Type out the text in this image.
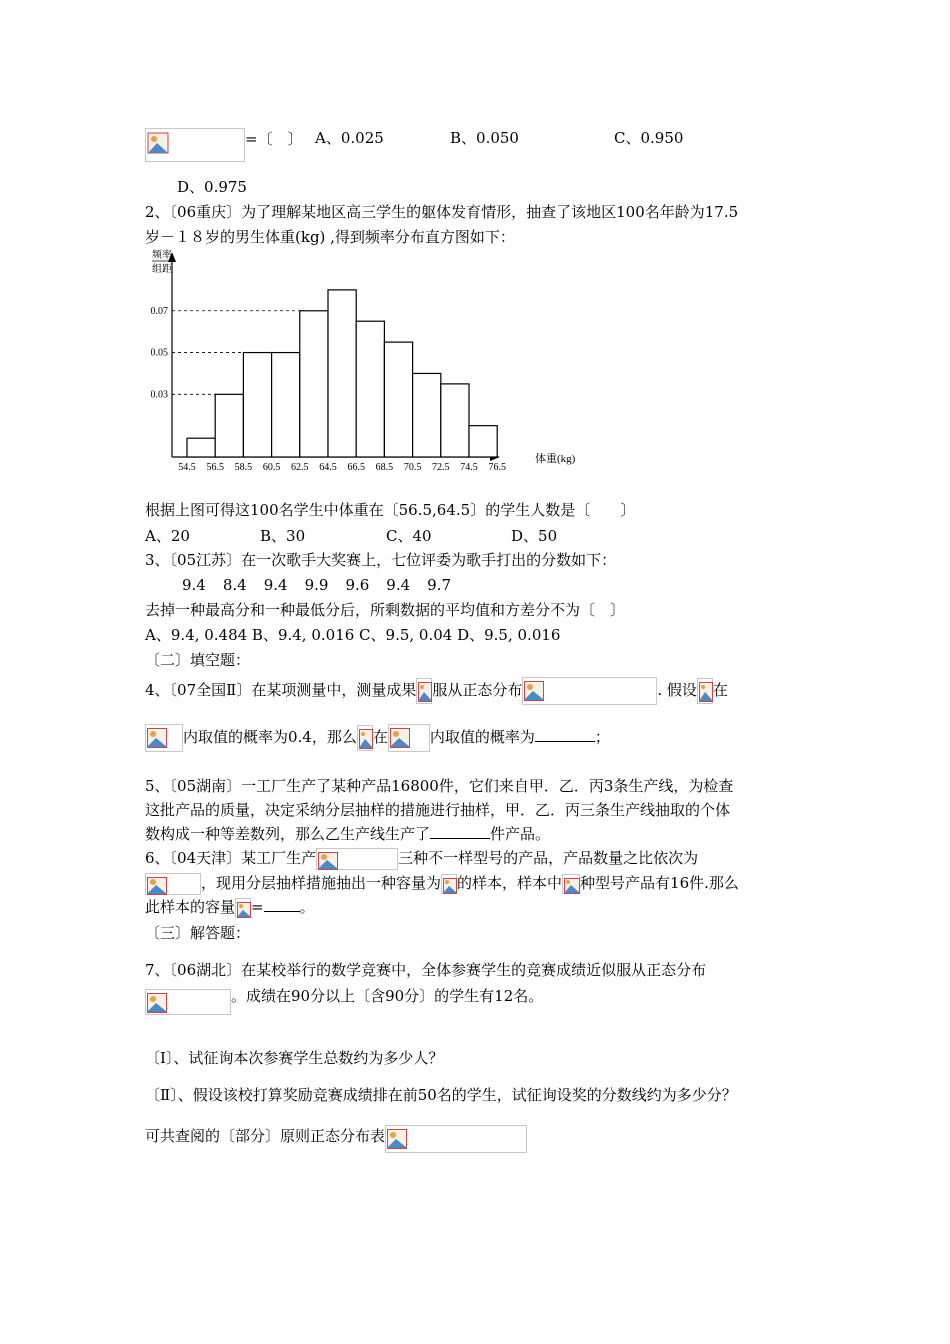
=〔　〕 A、0.025	B、0.050	C、0.950
D、0.975
2、〔06重庆〕为了理解某地区高三学生的躯体发育情形，抽查了该地区100名年龄为17.5
岁－１８岁的男生体重(kg) ,得到频率分布直方图如下：
频率
组距
0.03
0.05
0.07
54.5 56.5 58.5 60.5 62.5 64.5 66.5 68.5 70.5 72.5 74.5 76.5
体重(kg)
根据上图可得这100名学生中体重在〔56.5,64.5〕的学生人数是〔　　〕
A、20	B、30	C、40	D、50
3、〔05江苏〕在一次歌手大奖赛上，七位评委为歌手打出的分数如下：
9.4 8.4 9.4 9.9 9.6 9.4 9.7
去掉一种最高分和一种最低分后，所剩数据的平均值和方差分不为〔　〕
A、9.4, 0.484 B、9.4, 0.016 C、9.5, 0.04 D、9.5, 0.016
〔二〕填空题：
4、〔07全国Ⅱ〕在某项测量中，测量成果 服从正态分布	. 假设 在
内取值的概率为0.4，那么 在	内取值的概率为	；
5、〔05湖南〕一工厂生产了某种产品16800件，它们来自甲．乙．丙3条生产线，为检查
这批产品的质量，决定采纳分层抽样的措施进行抽样，甲．乙．丙三条生产线抽取的个体
数构成一种等差数列，那么乙生产线生产了	件产品。
6、〔04天津〕某工厂生产	三种不一样型号的产品，产品数量之比依次为
，现用分层抽样措施抽出一种容量为 的样本，样本中 种型号产品有16件.那么
此样本的容量 = 。
〔三〕解答题：
7、〔06湖北〕在某校举行的数学竞赛中，全体参赛学生的竞赛成绩近似服从正态分布
。成绩在90分以上〔含90分〕的学生有12名。
〔Ⅰ〕、试征询本次参赛学生总数约为多少人？
〔Ⅱ〕、假设该校打算奖励竞赛成绩排在前50名的学生，试征询设奖的分数线约为多少分？
可共查阅的〔部分〕原则正态分布表
